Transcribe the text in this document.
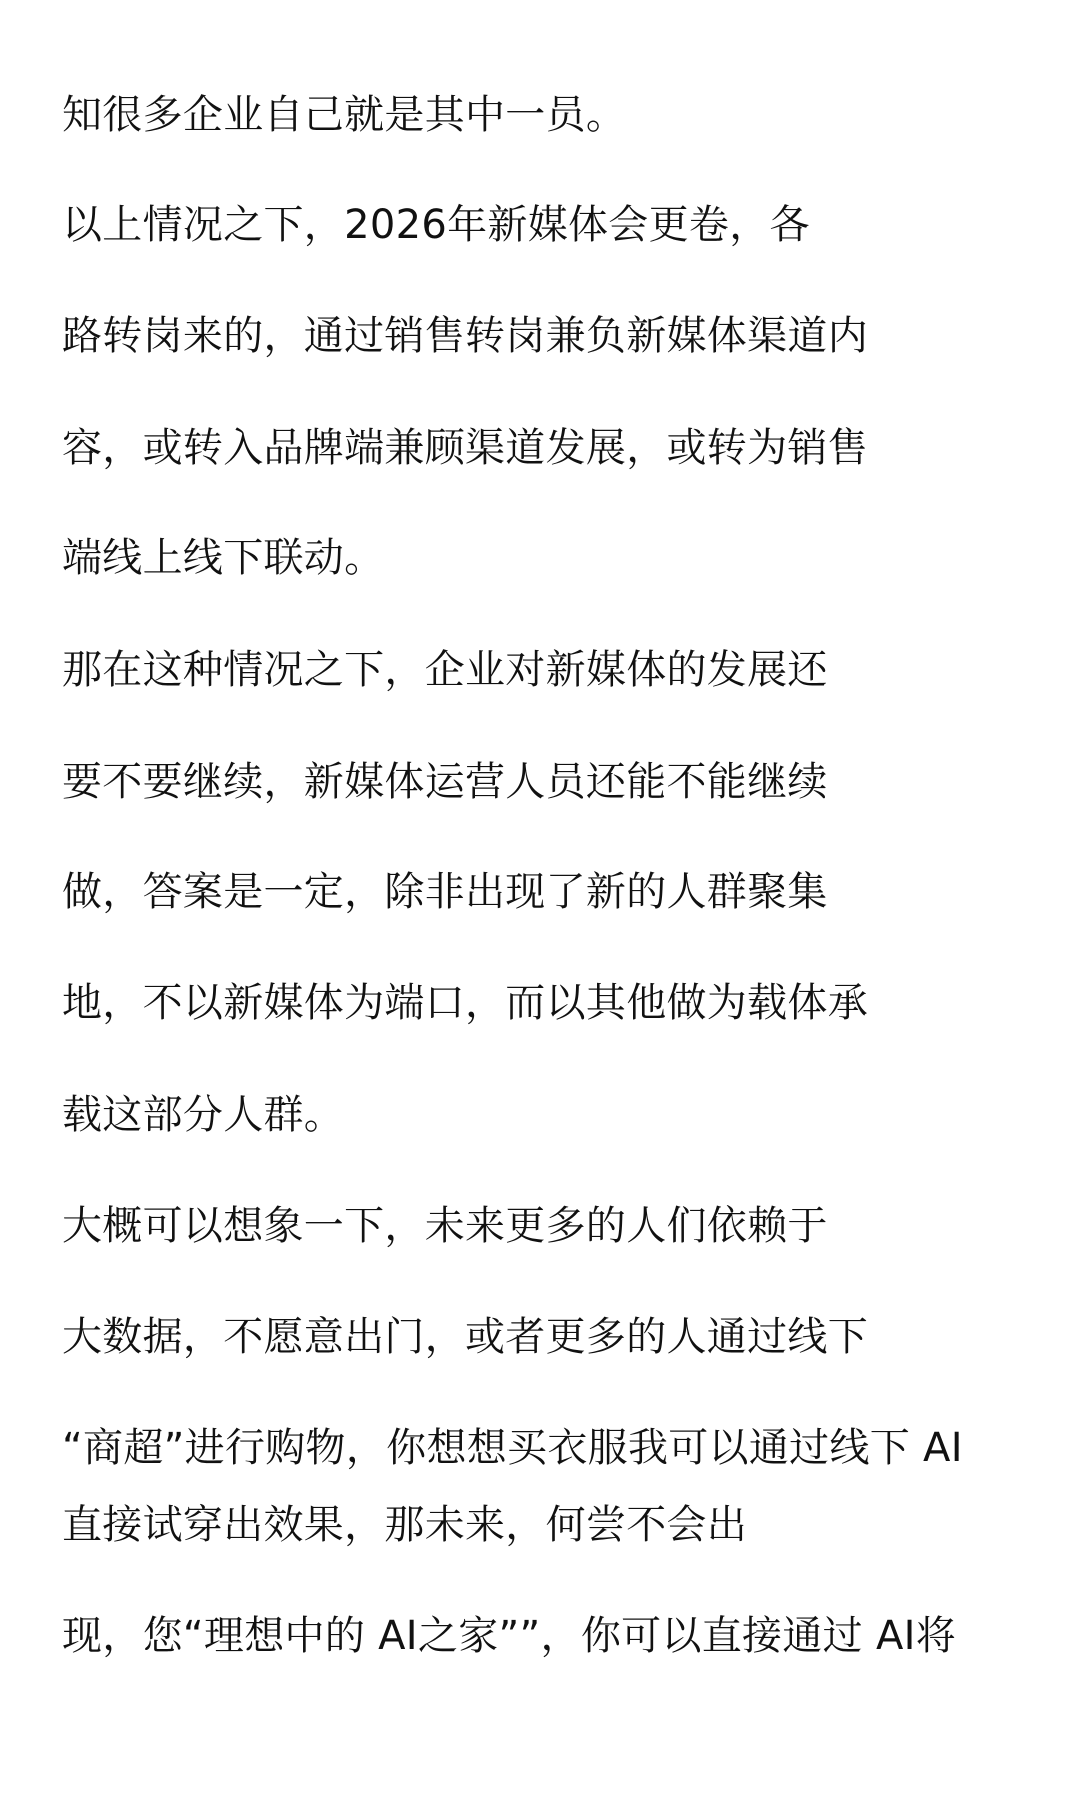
知很多企业自己就是其中一员。

以上情况之下，2026年新媒体会更卷，各

路转岗来的，通过销售转岗兼负新媒体渠道内

容，或转入品牌端兼顾渠道发展，或转为销售

端线上线下联动。

那在这种情况之下，企业对新媒体的发展还

要不要继续，新媒体运营人员还能不能继续

做，答案是一定，除非出现了新的人群聚集

地，不以新媒体为端口，而以其他做为载体承

载这部分人群。

大概可以想象一下，未来更多的人们依赖于

大数据，不愿意出门，或者更多的人通过线下

“商超”进行购物，你想想买衣服我可以通过线下 AI

直接试穿出效果，那未来，何尝不会出

现，您“理想中的 AI之家””，你可以直接通过 AI将
